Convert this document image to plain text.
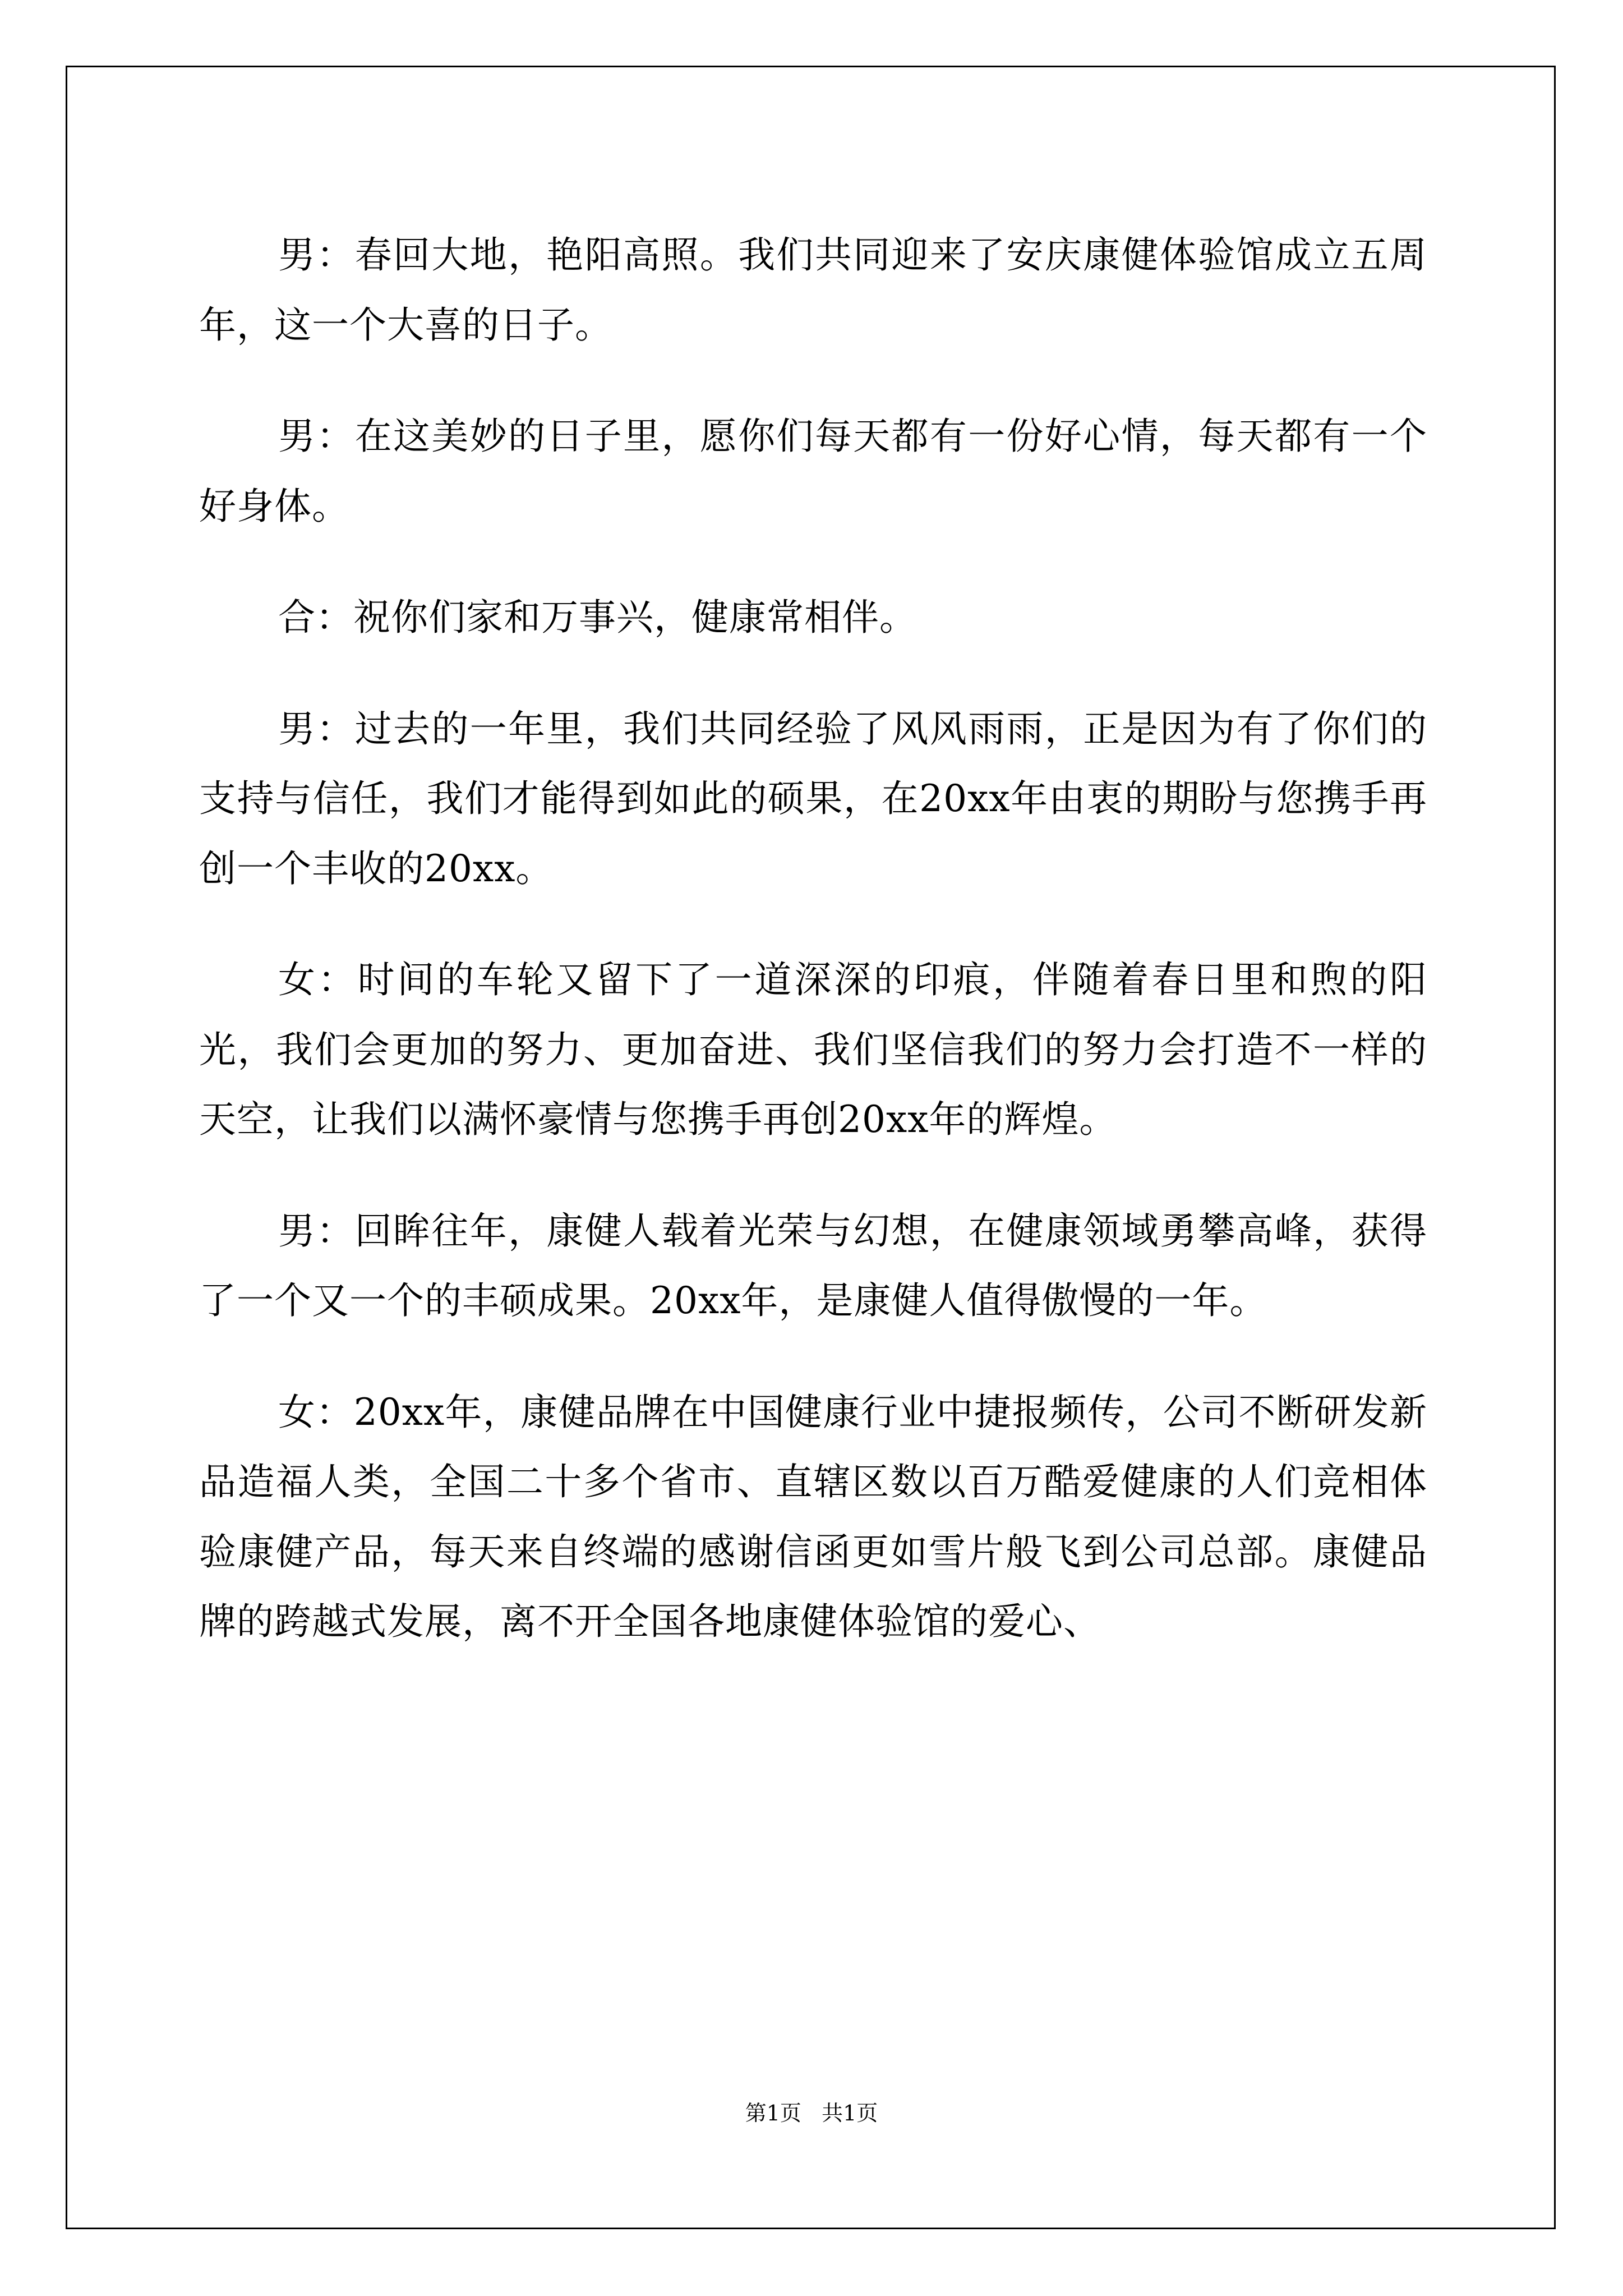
男：春回大地，艳阳高照。我们共同迎来了安庆康健体验馆成立五周年，这一个大喜的日子。

男：在这美妙的日子里，愿你们每天都有一份好心情，每天都有一个好身体。

合：祝你们家和万事兴，健康常相伴。

男：过去的一年里，我们共同经验了风风雨雨，正是因为有了你们的支持与信任，我们才能得到如此的硕果，在20xx年由衷的期盼与您携手再创一个丰收的20xx。

女：时间的车轮又留下了一道深深的印痕，伴随着春日里和煦的阳光，我们会更加的努力、更加奋进、我们坚信我们的努力会打造不一样的天空，让我们以满怀豪情与您携手再创20xx年的辉煌。

男：回眸往年，康健人载着光荣与幻想，在健康领域勇攀高峰，获得了一个又一个的丰硕成果。20xx年，是康健人值得傲慢的一年。

女：20xx年，康健品牌在中国健康行业中捷报频传，公司不断研发新品造福人类，全国二十多个省市、直辖区数以百万酷爱健康的人们竞相体验康健产品，每天来自终端的感谢信函更如雪片般飞到公司总部。康健品牌的跨越式发展，离不开全国各地康健体验馆的爱心、

第1页   共1页
